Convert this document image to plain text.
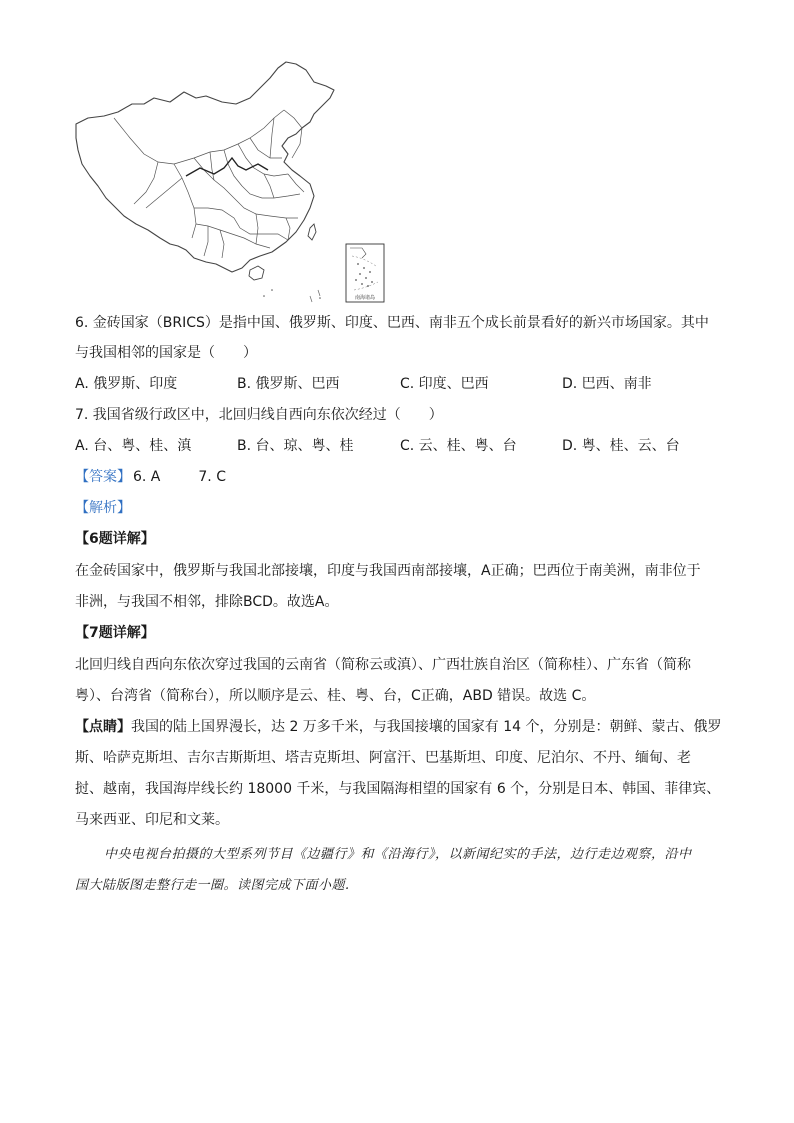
南海诸岛
6. 金砖国家（BRICS）是指中国、俄罗斯、印度、巴西、南非五个成长前景看好的新兴市场国家。其中
与我国相邻的国家是（　　）
A. 俄罗斯、印度	B. 俄罗斯、巴西	C. 印度、巴西	D. 巴西、南非
7. 我国省级行政区中，北回归线自西向东依次经过（　　）
A. 台、粤、桂、滇	B. 台、琼、粤、桂	C. 云、桂、粤、台	D. 粤、桂、云、台
【答案】 6. A	7. C
【解析】
【6题详解】
在金砖国家中，俄罗斯与我国北部接壤，印度与我国西南部接壤，A正确；巴西位于南美洲，南非位于
非洲，与我国不相邻，排除BCD。故选A。
【7题详解】
北回归线自西向东依次穿过我国的云南省（简称云或滇）、广西壮族自治区（简称桂）、广东省（简称
粤）、台湾省（简称台），所以顺序是云、桂、粤、台，C正确，ABD 错误。故选 C。
【点睛】我国的陆上国界漫长，达 2 万多千米，与我国接壤的国家有 14 个，分别是：朝鲜、蒙古、俄罗
斯、哈萨克斯坦、吉尔吉斯斯坦、塔吉克斯坦、阿富汗、巴基斯坦、印度、尼泊尔、不丹、缅甸、老
挝、越南，我国海岸线长约 18000 千米，与我国隔海相望的国家有 6 个，分别是日本、韩国、菲律宾、
马来西亚、印尼和文莱。
中央电视台拍摄的大型系列节目《边疆行》和《沿海行》，以新闻纪实的手法，边行走边观察，沿中
国大陆版图走整行走一圈。读图完成下面小题.
